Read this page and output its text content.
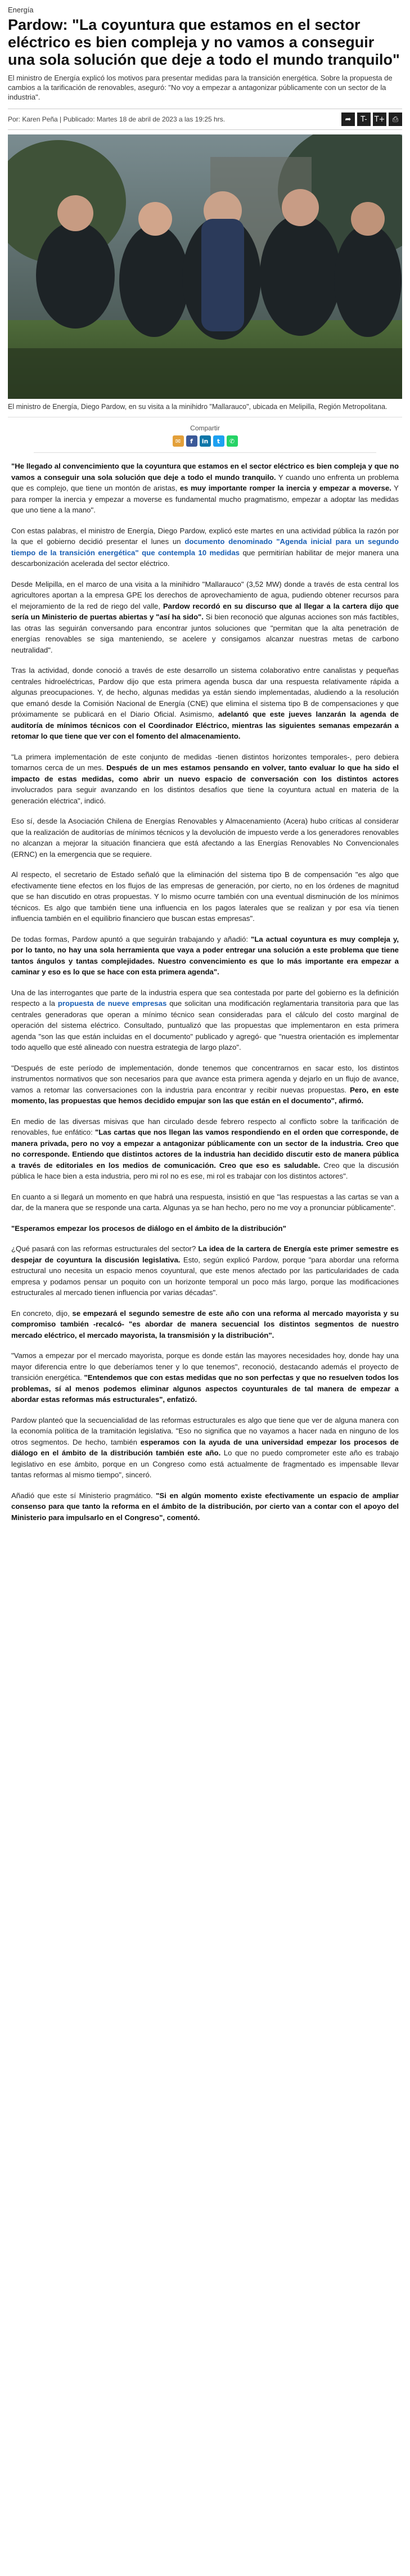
Energía
Pardow: "La coyuntura que estamos en el sector eléctrico es bien compleja y no vamos a conseguir una sola solución que deje a todo el mundo tranquilo"
El ministro de Energía explicó los motivos para presentar medidas para la transición energética. Sobre la propuesta de cambios a la tarificación de renovables, aseguró: "No voy a empezar a antagonizar públicamente con un sector de la industria".
Por: Karen Peña | Publicado: Martes 18 de abril de 2023 a las 19:25 hrs.	➦	T- T+	⎙
El ministro de Energía, Diego Pardow, en su visita a la minihidro "Mallarauco", ubicada en Melipilla, Región Metropolitana.
Compartir
✉	f	in	t	✆

"He llegado al convencimiento que la coyuntura que estamos en el sector eléctrico es bien compleja y que no vamos a conseguir una sola solución que deje a todo el mundo tranquilo. Y cuando uno enfrenta un problema que es complejo, que tiene un montón de aristas, es muy importante romper la inercia y empezar a moverse. Y para romper la inercia y empezar a moverse es fundamental mucho pragmatismo, empezar a adoptar las medidas que uno tiene a la mano".

Con estas palabras, el ministro de Energía, Diego Pardow, explicó este martes en una actividad pública la razón por la que el gobierno decidió presentar el lunes un documento denominado "Agenda inicial para un segundo tiempo de la transición energética" que contempla 10 medidas que permitirían habilitar de mejor manera una descarbonización acelerada del sector eléctrico.

Desde Melipilla, en el marco de una visita a la minihidro "Mallarauco" (3,52 MW) donde a través de esta central los agricultores aportan a la empresa GPE los derechos de aprovechamiento de agua, pudiendo obtener recursos para el mejoramiento de la red de riego del valle, Pardow recordó en su discurso que al llegar a la cartera dijo que sería un Ministerio de puertas abiertas y "así ha sido". Si bien reconoció que algunas acciones son más factibles, las otras las seguirán conversando para encontrar juntos soluciones que "permitan que la alta penetración de energías renovables se siga manteniendo, se acelere y consigamos alcanzar nuestras metas de carbono neutralidad".

Tras la actividad, donde conoció a través de este desarrollo un sistema colaborativo entre canalistas y pequeñas centrales hidroeléctricas, Pardow dijo que esta primera agenda busca dar una respuesta relativamente rápida a algunas preocupaciones. Y, de hecho, algunas medidas ya están siendo implementadas, aludiendo a la resolución que emanó desde la Comisión Nacional de Energía (CNE) que elimina el sistema tipo B de compensaciones y que próximamente se publicará en el Diario Oficial. Asimismo, adelantó que este jueves lanzarán la agenda de auditoría de mínimos técnicos con el Coordinador Eléctrico, mientras las siguientes semanas empezarán a retomar lo que tiene que ver con el fomento del almacenamiento.

"La primera implementación de este conjunto de medidas -tienen distintos horizontes temporales-, pero debiera tomarnos cerca de un mes. Después de un mes estamos pensando en volver, tanto evaluar lo que ha sido el impacto de estas medidas, como abrir un nuevo espacio de conversación con los distintos actores involucrados para seguir avanzando en los distintos desafíos que tiene la coyuntura actual en materia de la generación eléctrica", indicó.

Eso sí, desde la Asociación Chilena de Energías Renovables y Almacenamiento (Acera) hubo críticas al considerar que la realización de auditorías de mínimos técnicos y la devolución de impuesto verde a los generadores renovables no alcanzan a mejorar la situación financiera que está afectando a las Energías Renovables No Convencionales (ERNC) en la emergencia que se requiere.

Al respecto, el secretario de Estado señaló que la eliminación del sistema tipo B de compensación "es algo que efectivamente tiene efectos en los flujos de las empresas de generación, por cierto, no en los órdenes de magnitud que se han discutido en otras propuestas. Y lo mismo ocurre también con una eventual disminución de los mínimos técnicos. Es algo que también tiene una influencia en los pagos laterales que se realizan y por esa vía tienen influencia también en el equilibrio financiero que buscan estas empresas".

De todas formas, Pardow apuntó a que seguirán trabajando y añadió: "La actual coyuntura es muy compleja y, por lo tanto, no hay una sola herramienta que vaya a poder entregar una solución a este problema que tiene tantos ángulos y tantas complejidades. Nuestro convencimiento es que lo más importante era empezar a caminar y eso es lo que se hace con esta primera agenda".

Una de las interrogantes que parte de la industria espera que sea contestada por parte del gobierno es la definición respecto a la propuesta de nueve empresas que solicitan una modificación reglamentaria transitoria para que las centrales generadoras que operan a mínimo técnico sean consideradas para el cálculo del costo marginal de operación del sistema eléctrico. Consultado, puntualizó que las propuestas que implementaron en esta primera agenda "son las que están incluidas en el documento" publicado y agregó- que "nuestra orientación es implementar todo aquello que esté alineado con nuestra estrategia de largo plazo".

"Después de este período de implementación, donde tenemos que concentrarnos en sacar esto, los distintos instrumentos normativos que son necesarios para que avance esta primera agenda y dejarlo en un flujo de avance, vamos a retomar las conversaciones con la industria para encontrar y recibir nuevas propuestas. Pero, en este momento, las propuestas que hemos decidido empujar son las que están en el documento", afirmó.

En medio de las diversas misivas que han circulado desde febrero respecto al conflicto sobre la tarificación de renovables, fue enfático: "Las cartas que nos llegan las vamos respondiendo en el orden que corresponde, de manera privada, pero no voy a empezar a antagonizar públicamente con un sector de la industria. Creo que no corresponde. Entiendo que distintos actores de la industria han decidido discutir esto de manera pública a través de editoriales en los medios de comunicación. Creo que eso es saludable. Creo que la discusión pública le hace bien a esta industria, pero mi rol no es ese, mi rol es trabajar con los distintos actores".

En cuanto a si llegará un momento en que habrá una respuesta, insistió en que "las respuestas a las cartas se van a dar, de la manera que se responde una carta. Algunas ya se han hecho, pero no me voy a pronunciar públicamente".

"Esperamos empezar los procesos de diálogo en el ámbito de la distribución"

¿Qué pasará con las reformas estructurales del sector? La idea de la cartera de Energía este primer semestre es despejar de coyuntura la discusión legislativa. Esto, según explicó Pardow, porque "para abordar una reforma estructural uno necesita un espacio menos coyuntural, que este menos afectado por las particularidades de cada empresa y podamos pensar un poquito con un horizonte temporal un poco más largo, porque las modificaciones estructurales al mercado tienen influencia por varias décadas".

En concreto, dijo, se empezará el segundo semestre de este año con una reforma al mercado mayorista y su compromiso también -recalcó- "es abordar de manera secuencial los distintos segmentos de nuestro mercado eléctrico, el mercado mayorista, la transmisión y la distribución".

"Vamos a empezar por el mercado mayorista, porque es donde están las mayores necesidades hoy, donde hay una mayor diferencia entre lo que deberíamos tener y lo que tenemos", reconoció, destacando además el proyecto de transición energética. "Entendemos que con estas medidas que no son perfectas y que no resuelven todos los problemas, sí al menos podemos eliminar algunos aspectos coyunturales de tal manera de empezar a abordar estas reformas más estructurales", enfatizó.

Pardow planteó que la secuencialidad de las reformas estructurales es algo que tiene que ver de alguna manera con la economía política de la tramitación legislativa. "Eso no significa que no vayamos a hacer nada en ninguno de los otros segmentos. De hecho, también esperamos con la ayuda de una universidad empezar los procesos de diálogo en el ámbito de la distribución también este año. Lo que no puedo comprometer este año es trabajo legislativo en ese ámbito, porque en un Congreso como está actualmente de fragmentado es impensable llevar tantas reformas al mismo tiempo", sinceró.

Añadió que este sí Ministerio pragmático. "Si en algún momento existe efectivamente un espacio de ampliar consenso para que tanto la reforma en el ámbito de la distribución, por cierto van a contar con el apoyo del Ministerio para impulsarlo en el Congreso", comentó.
